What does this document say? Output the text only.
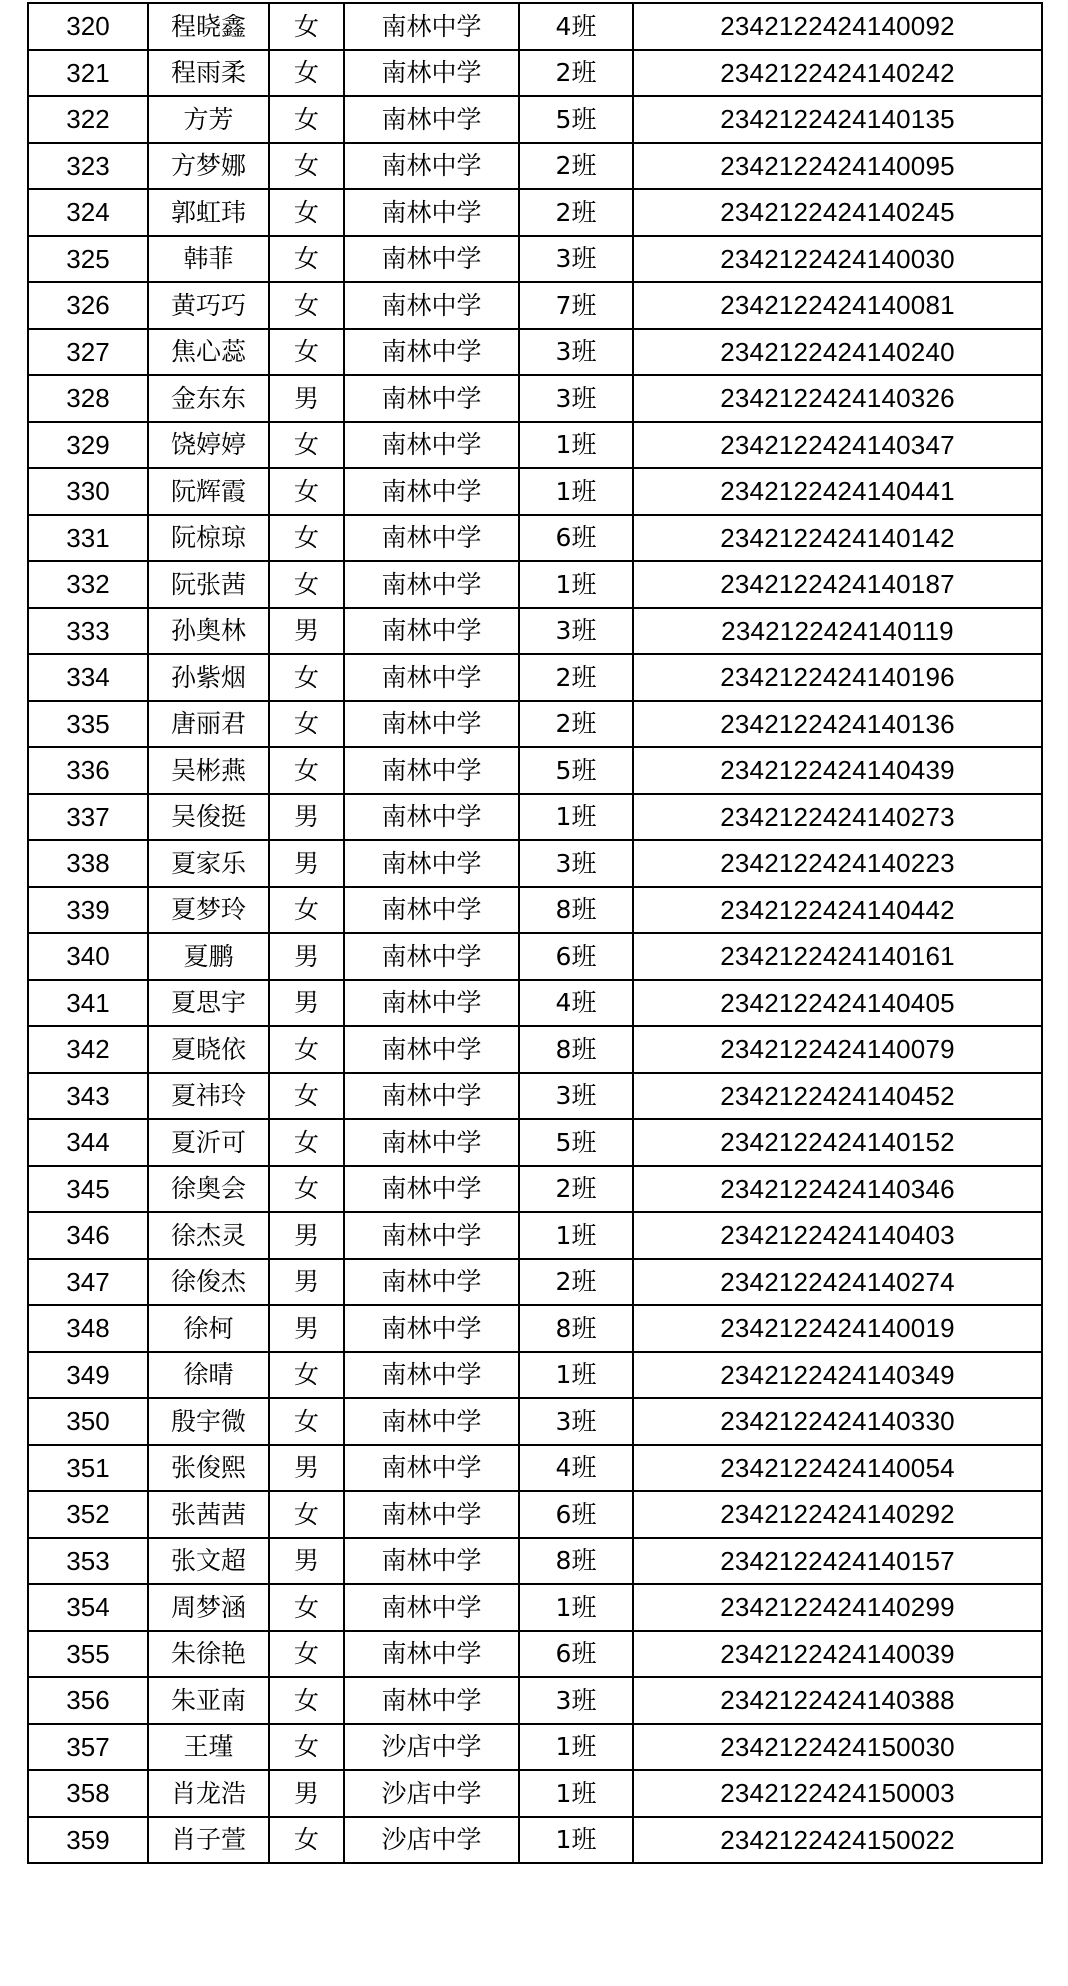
320	程晓鑫	女	南林中学	4班	2342122424140092
321	程雨柔	女	南林中学	2班	2342122424140242
322	方芳	女	南林中学	5班	2342122424140135
323	方梦娜	女	南林中学	2班	2342122424140095
324	郭虹玮	女	南林中学	2班	2342122424140245
325	韩菲	女	南林中学	3班	2342122424140030
326	黄巧巧	女	南林中学	7班	2342122424140081
327	焦心蕊	女	南林中学	3班	2342122424140240
328	金东东	男	南林中学	3班	2342122424140326
329	饶婷婷	女	南林中学	1班	2342122424140347
330	阮辉霞	女	南林中学	1班	2342122424140441
331	阮椋琼	女	南林中学	6班	2342122424140142
332	阮张茜	女	南林中学	1班	2342122424140187
333	孙奥林	男	南林中学	3班	2342122424140119
334	孙紫烟	女	南林中学	2班	2342122424140196
335	唐丽君	女	南林中学	2班	2342122424140136
336	吴彬燕	女	南林中学	5班	2342122424140439
337	吴俊挺	男	南林中学	1班	2342122424140273
338	夏家乐	男	南林中学	3班	2342122424140223
339	夏梦玲	女	南林中学	8班	2342122424140442
340	夏鹏	男	南林中学	6班	2342122424140161
341	夏思宇	男	南林中学	4班	2342122424140405
342	夏晓依	女	南林中学	8班	2342122424140079
343	夏祎玲	女	南林中学	3班	2342122424140452
344	夏沂可	女	南林中学	5班	2342122424140152
345	徐奥会	女	南林中学	2班	2342122424140346
346	徐杰灵	男	南林中学	1班	2342122424140403
347	徐俊杰	男	南林中学	2班	2342122424140274
348	徐柯	男	南林中学	8班	2342122424140019
349	徐晴	女	南林中学	1班	2342122424140349
350	殷宇微	女	南林中学	3班	2342122424140330
351	张俊熙	男	南林中学	4班	2342122424140054
352	张茜茜	女	南林中学	6班	2342122424140292
353	张文超	男	南林中学	8班	2342122424140157
354	周梦涵	女	南林中学	1班	2342122424140299
355	朱徐艳	女	南林中学	6班	2342122424140039
356	朱亚南	女	南林中学	3班	2342122424140388
357	王瑾	女	沙店中学	1班	2342122424150030
358	肖龙浩	男	沙店中学	1班	2342122424150003
359	肖子萱	女	沙店中学	1班	2342122424150022
